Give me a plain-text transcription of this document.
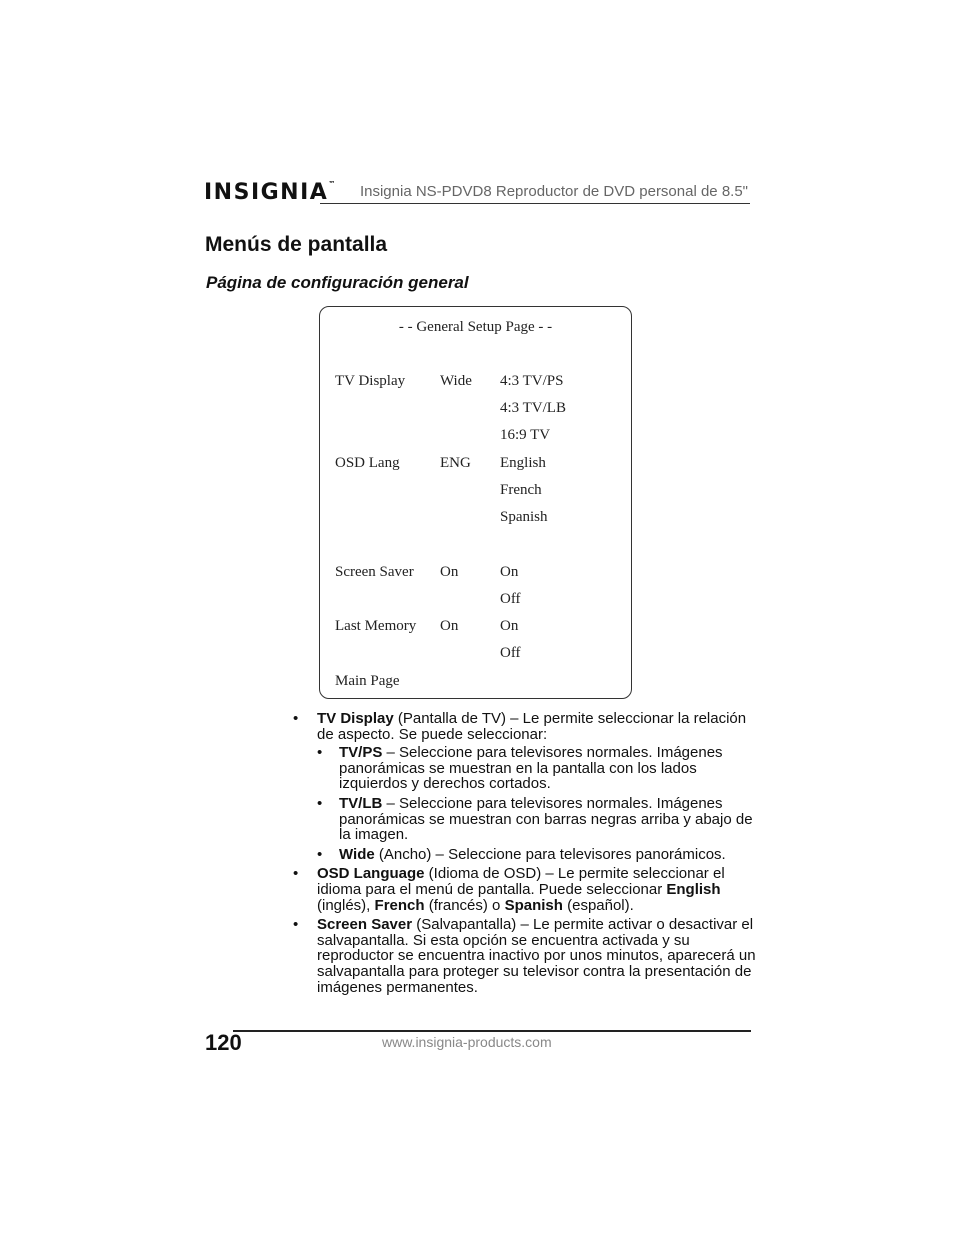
INSIGNIA™ Insignia NS-PDVD8 Reproductor de DVD personal de 8.5"
Menús de pantalla
Página de configuración general
- - General Setup Page - -
TV Display Wide 4:3 TV/PS
4:3 TV/LB
16:9 TV
OSD Lang	ENG English
French
Spanish
Screen Saver On	On
Off
Last Memory On	On
Off
Main Page
• TV Display (Pantalla de TV) – Le permite seleccionar la relación de aspecto. Se puede seleccionar:
• TV/PS – Seleccione para televisores normales. Imágenes panorámicas se muestran en la pantalla con los lados izquierdos y derechos cortados.
• TV/LB – Seleccione para televisores normales. Imágenes panorámicas se muestran con barras negras arriba y abajo de la imagen.
• Wide (Ancho) – Seleccione para televisores panorámicos.
• OSD Language (Idioma de OSD) – Le permite seleccionar el idioma para el menú de pantalla. Puede seleccionar English (inglés), French (francés) o Spanish (español).
• Screen Saver (Salvapantalla) – Le permite activar o desactivar el salvapantalla. Si esta opción se encuentra activada y su reproductor se encuentra inactivo por unos minutos, aparecerá un salvapantalla para proteger su televisor contra la presentación de imágenes permanentes.
120	www.insignia-products.com
